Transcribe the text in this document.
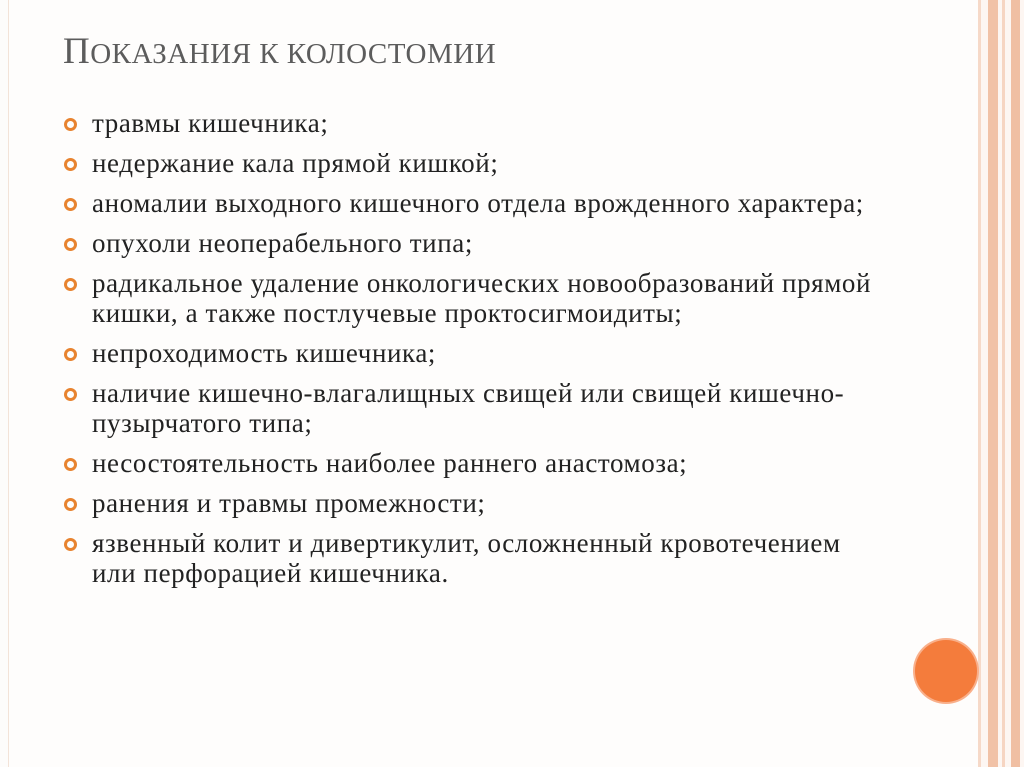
ПОКАЗАНИЯ К КОЛОСТОМИИ
травмы кишечника;
недержание кала прямой кишкой;
аномалии выходного кишечного отдела врожденного характера;
опухоли неоперабельного типа;
радикальное удаление онкологических новообразований прямой кишки, а также постлучевые проктосигмоидиты;
непроходимость кишечника;
наличие кишечно-влагалищных свищей или свищей кишечно-пузырчатого типа;
несостоятельность наиболее раннего анастомоза;
ранения и травмы промежности;
язвенный колит и дивертикулит, осложненный кровотечением или перфорацией кишечника.
